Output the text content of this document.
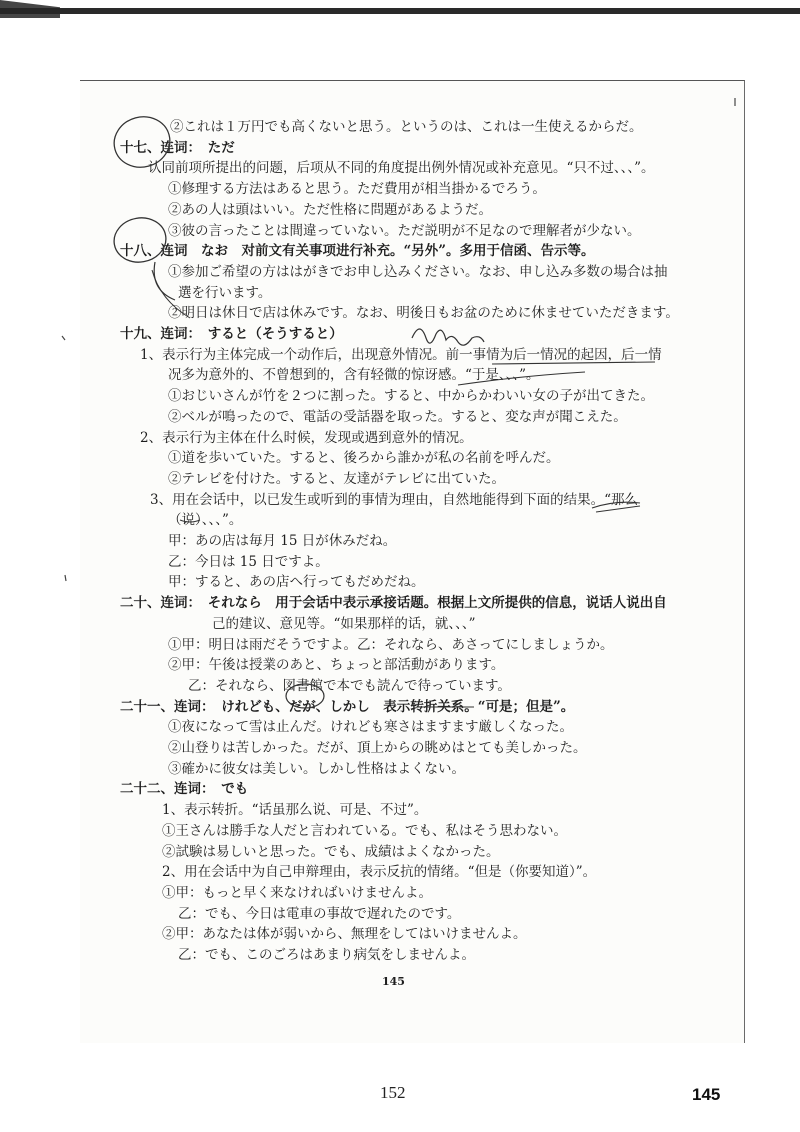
②これは１万円でも高くないと思う。というのは、これは一生使えるからだ。
十七、连词：　ただ
认同前项所提出的问题，后项从不同的角度提出例外情况或补充意见。“只不过、、、”。
①修理する方法はあると思う。ただ費用が相当掛かるでろう。
②あの人は頭はいい。ただ性格に問題があるようだ。
③彼の言ったことは間違っていない。ただ説明が不足なので理解者が少ない。
十八、连词　なお　对前文有关事项进行补充。“另外”。多用于信函、告示等。
①参加ご希望の方ははがきでお申し込みください。なお、申し込み多数の場合は抽
選を行います。
②明日は休日で店は休みです。なお、明後日もお盆のために休ませていただきます。
十九、连词：　すると（そうすると）
1、表示行为主体完成一个动作后，出现意外情况。前一事情为后一情况的起因，后一情
况多为意外的、不曾想到的，含有轻微的惊讶感。“于是、、、”。
①おじいさんが竹を２つに割った。すると、中からかわいい女の子が出てきた。
②ベルが鳴ったので、電話の受話器を取った。すると、変な声が聞こえた。
2、表示行为主体在什么时候，发现或遇到意外的情况。
①道を歩いていた。すると、後ろから誰かが私の名前を呼んだ。
②テレビを付けた。すると、友達がテレビに出ていた。
3、用在会话中，以已发生或听到的事情为理由，自然地能得到下面的结果。“那么
（说）、、、”。
甲：あの店は毎月 15 日が休みだね。
乙：今日は 15 日ですよ。
甲：すると、あの店へ行ってもだめだね。
二十、连词：　それなら　用于会话中表示承接话题。根据上文所提供的信息，说话人说出自
己的建议、意见等。“如果那样的话，就、、、”
①甲：明日は雨だそうですよ。乙：それなら、あさってにしましょうか。
②甲：午後は授業のあと、ちょっと部活動があります。
乙：それなら、図書館で本でも読んで待っています。
二十一、连词：　けれども、だが、しかし　表示转折关系。“可是；但是”。
①夜になって雪は止んだ。けれども寒さはますます厳しくなった。
②山登りは苦しかった。だが、頂上からの眺めはとても美しかった。
③確かに彼女は美しい。しかし性格はよくない。
二十二、连词：　でも
1、表示转折。“话虽那么说、可是、不过”。
①王さんは勝手な人だと言われている。でも、私はそう思わない。
②試験は易しいと思った。でも、成績はよくなかった。
2、用在会话中为自己申辩理由，表示反抗的情绪。“但是（你要知道）”。
①甲：もっと早く来なければいけませんよ。
乙：でも、今日は電車の事故で遅れたのです。
②甲：あなたは体が弱いから、無理をしてはいけませんよ。
乙：でも、このごろはあまり病気をしませんよ。
145
152	145
